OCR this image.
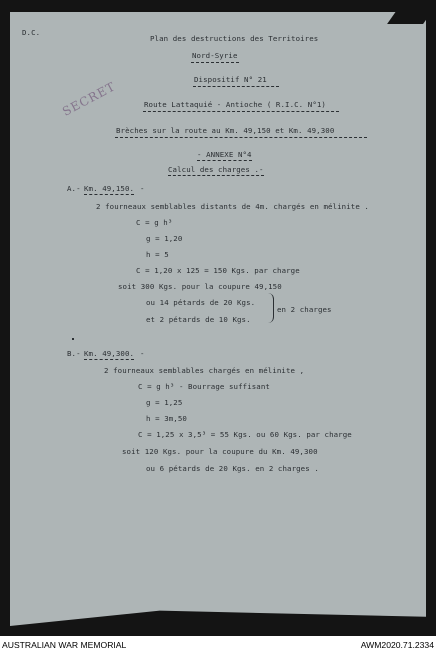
D.C.
Plan des destructions des Territoires
Nord-Syrie
SECRET	Dispositif N° 21
Route Lattaquié - Antioche ( R.I.C. N°1)
Brèches sur la route au Km. 49,150 et Km. 49,300
- ANNEXE N°4
Calcul des charges .-
A.- Km. 49,150. -
2 fourneaux semblables distants de 4m. chargés en mélinite .
C = g h³
g = 1,20
h = 5
C = 1,20 x 125 = 150 Kgs. par charge
soit 300 Kgs. pour la coupure 49,150
ou 14 pétards de 20 Kgs.
et 2 pétards de 10 Kgs.
en 2 charges
B.- Km. 49,300. -
2 fourneaux semblables chargés en mélinite ,
C = g h³ - Bourrage suffisant
g = 1,25
h = 3m,50
C = 1,25 x 3,5³ = 55 Kgs. ou 60 Kgs. par charge
soit 120 Kgs. pour la coupure du Km. 49,300
ou 6 pétards de 20 Kgs. en 2 charges .
AUSTRALIAN WAR MEMORIAL	AWM2020.71.2334
